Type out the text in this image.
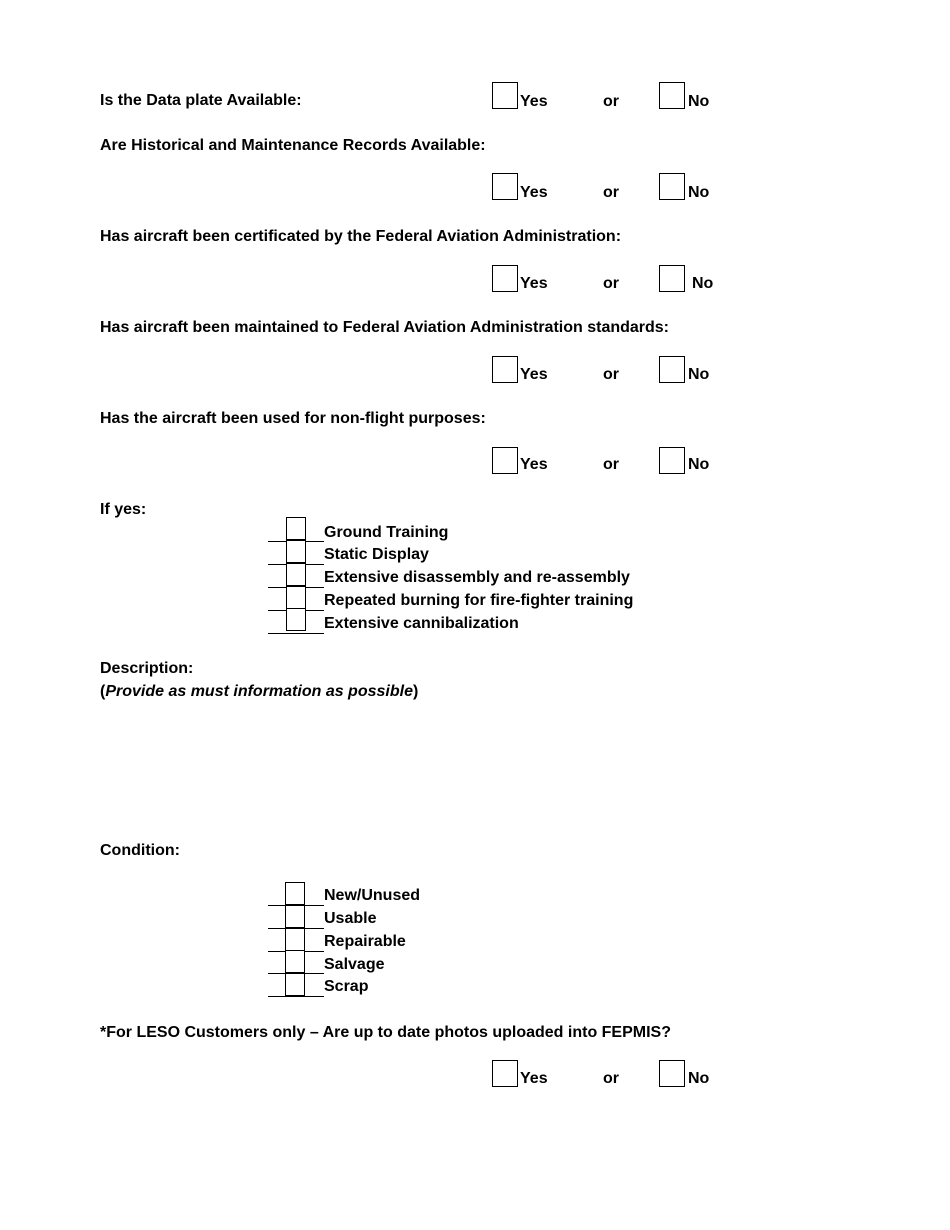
Is the Data plate Available:	Yes	or	No
Are Historical and Maintenance Records Available:
Yes	or	No
Has aircraft been certificated by the Federal Aviation Administration:
Yes	or	No
Has aircraft been maintained to Federal Aviation Administration standards:
Yes	or	No
Has the aircraft been used for non-flight purposes:
Yes	or	No
If yes:
Ground Training
Static Display
Extensive disassembly and re-assembly
Repeated burning for fire-fighter training
Extensive cannibalization
Description:
(Provide as must information as possible)
Condition:
New/Unused
Usable
Repairable
Salvage
Scrap
*For LESO Customers only – Are up to date photos uploaded into FEPMIS?
Yes	or	No
